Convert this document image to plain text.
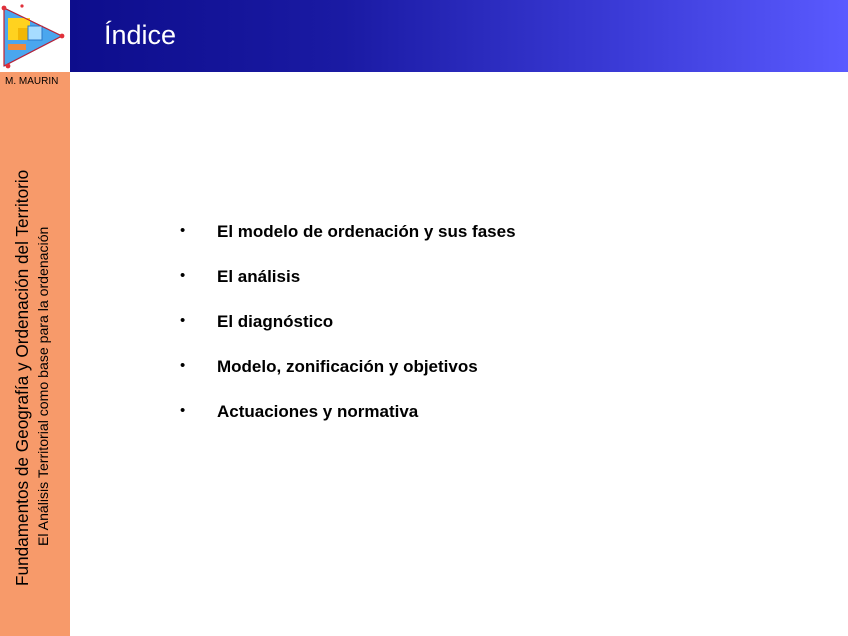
Índice
M. MAURIN
Fundamentos de Geografía y Ordenación del Territorio El Análisis Territorial como base para la ordenación	• El modelo de ordenación y sus fases
• El análisis
• El diagnóstico
• Modelo, zonificación y objetivos
• Actuaciones y normativa
